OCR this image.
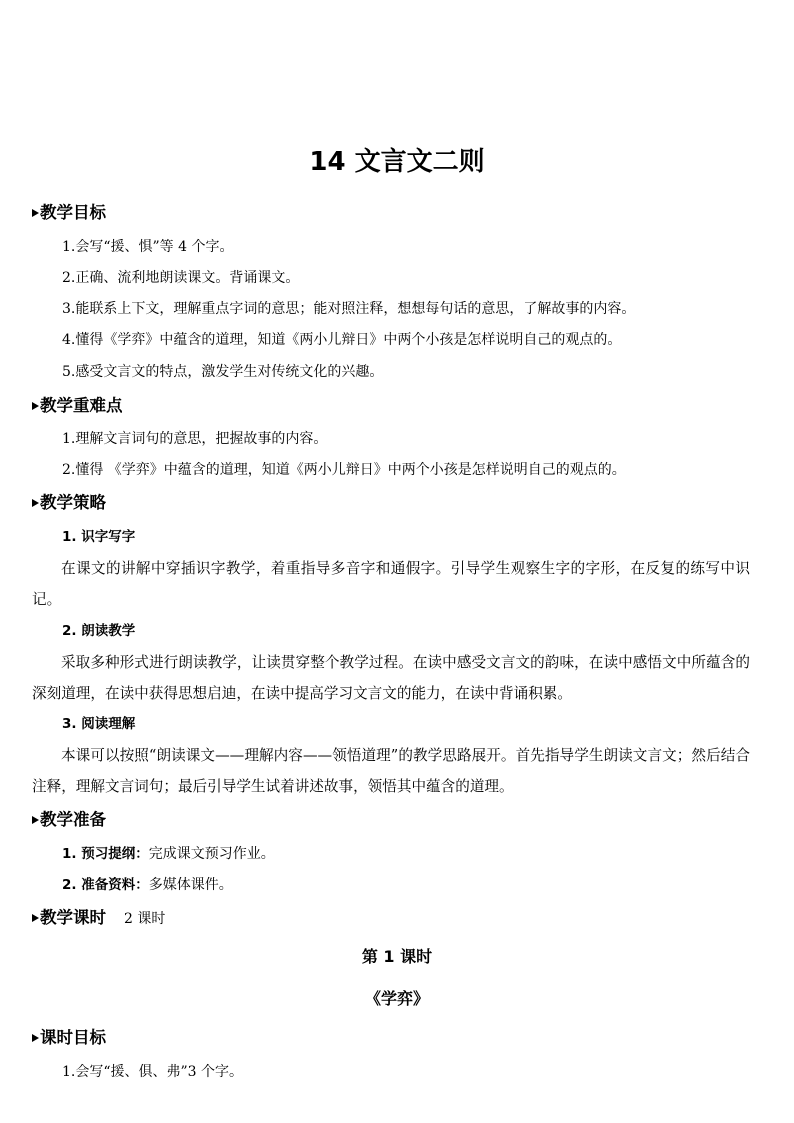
14 文言文二则
教学目标
1.会写“援、惧”等 4 个字。
2.正确、流利地朗读课文。背诵课文。
3.能联系上下文，理解重点字词的意思；能对照注释，想想每句话的意思，了解故事的内容。
4.懂得《学弈》中蕴含的道理，知道《两小儿辩日》中两个小孩是怎样说明自己的观点的。
5.感受文言文的特点，激发学生对传统文化的兴趣。
教学重难点
1.理解文言词句的意思，把握故事的内容。
2.懂得 《学弈》中蕴含的道理，知道《两小儿辩日》中两个小孩是怎样说明自己的观点的。
教学策略
1. 识字写字
在课文的讲解中穿插识字教学，着重指导多音字和通假字。引导学生观察生字的字形，在反复的练写中识记。
2. 朗读教学
采取多种形式进行朗读教学，让读贯穿整个教学过程。在读中感受文言文的韵味，在读中感悟文中所蕴含的深刻道理，在读中获得思想启迪，在读中提高学习文言文的能力，在读中背诵积累。
3. 阅读理解
本课可以按照“朗读课文——理解内容——领悟道理”的教学思路展开。首先指导学生朗读文言文；然后结合注释，理解文言词句；最后引导学生试着讲述故事，领悟其中蕴含的道理。
教学准备
1. 预习提纲：完成课文预习作业。
2. 准备资料：多媒体课件。
教学课时 2 课时
第 1 课时
《学弈》
课时目标
1.会写“援、俱、弗”3 个字。
